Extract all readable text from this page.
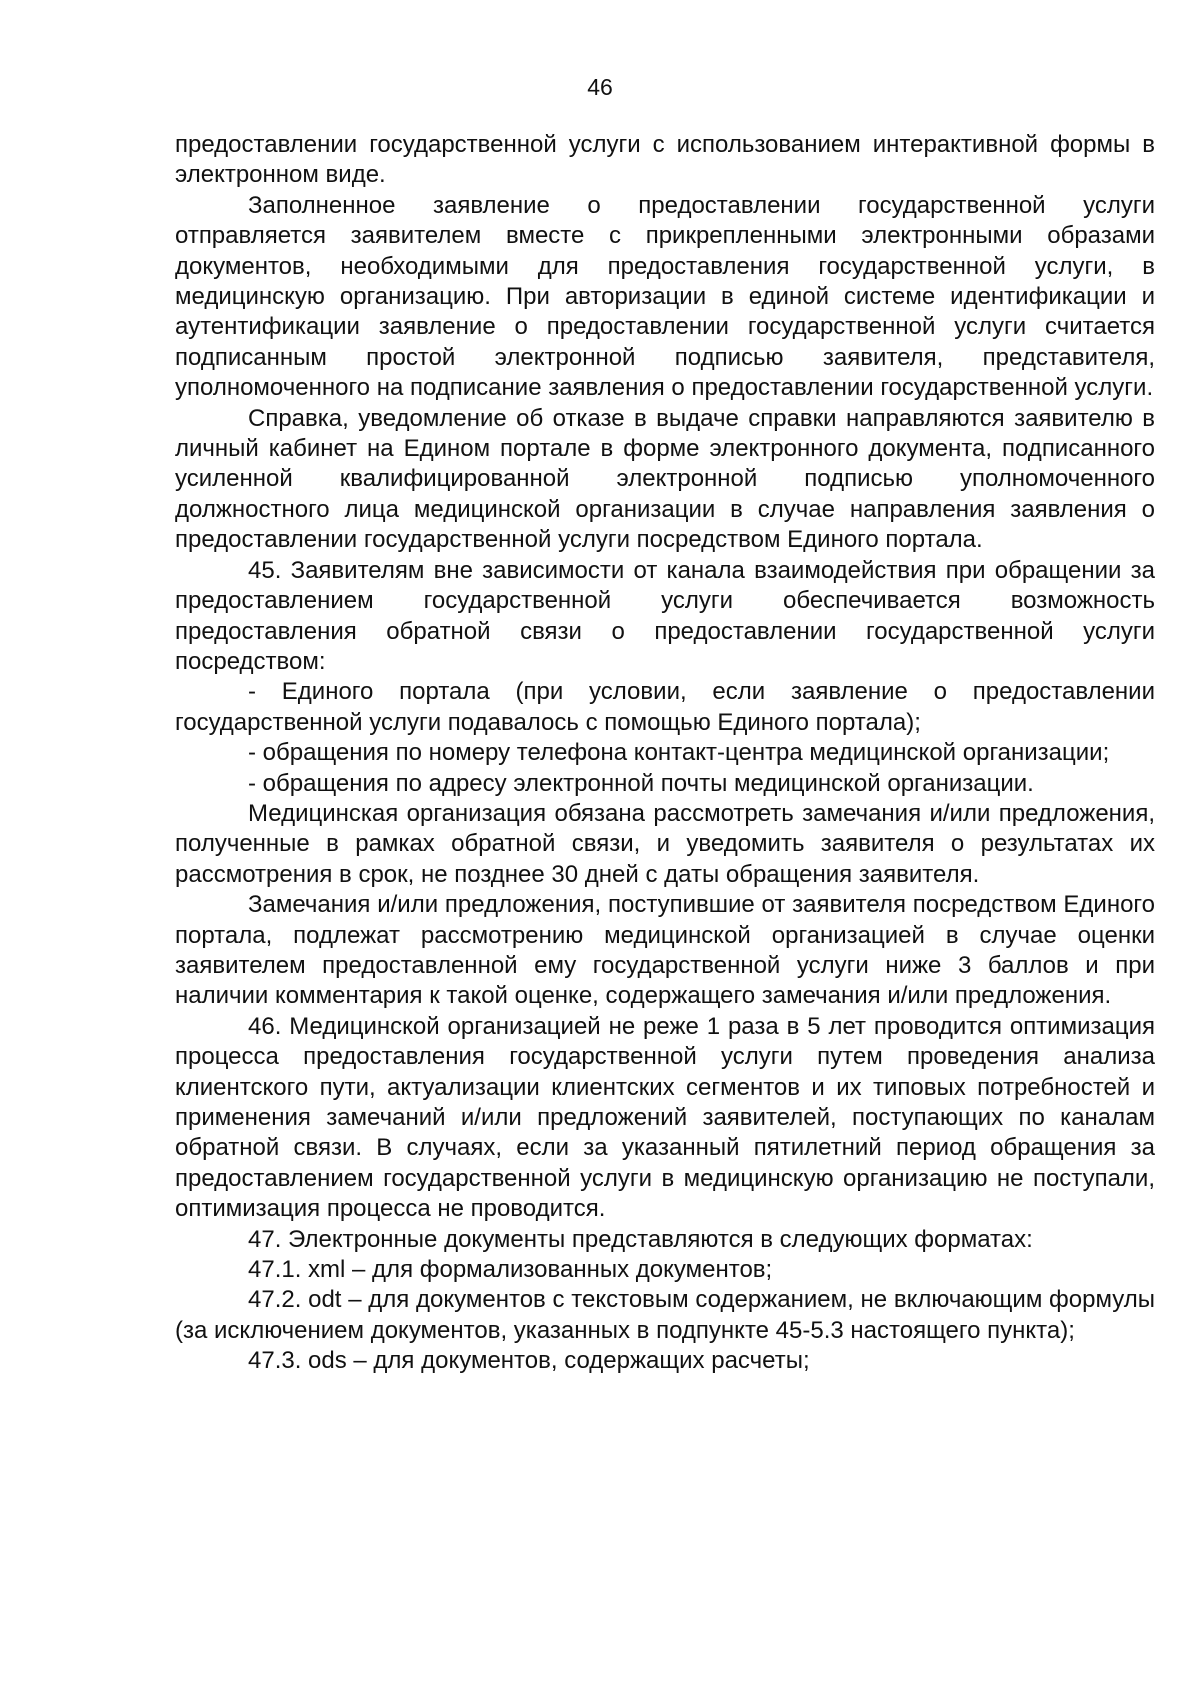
46

предоставлении государственной услуги с использованием интерактивной формы в электронном виде.

Заполненное заявление о предоставлении государственной услуги отправляется заявителем вместе с прикрепленными электронными образами документов, необходимыми для предоставления государственной услуги, в медицинскую организацию. При авторизации в единой системе идентификации и аутентификации заявление о предоставлении государственной услуги считается подписанным простой электронной подписью заявителя, представителя, уполномоченного на подписание заявления о предоставлении государственной услуги.

Справка, уведомление об отказе в выдаче справки направляются заявителю в личный кабинет на Едином портале в форме электронного документа, подписанного усиленной квалифицированной электронной подписью уполномоченного должностного лица медицинской организации в случае направления заявления о предоставлении государственной услуги посредством Единого портала.

45. Заявителям вне зависимости от канала взаимодействия при обращении за предоставлением государственной услуги обеспечивается возможность предоставления обратной связи о предоставлении государственной услуги посредством:

- Единого портала (при условии, если заявление о предоставлении государственной услуги подавалось с помощью Единого портала);

- обращения по номеру телефона контакт-центра медицинской организации;

- обращения по адресу электронной почты медицинской организации.

Медицинская организация обязана рассмотреть замечания и/или предложения, полученные в рамках обратной связи, и уведомить заявителя о результатах их рассмотрения в срок, не позднее 30 дней с даты обращения заявителя.

Замечания и/или предложения, поступившие от заявителя посредством Единого портала, подлежат рассмотрению медицинской организацией в случае оценки заявителем предоставленной ему государственной услуги ниже 3 баллов и при наличии комментария к такой оценке, содержащего замечания и/или предложения.

46. Медицинской организацией не реже 1 раза в 5 лет проводится оптимизация процесса предоставления государственной услуги путем проведения анализа клиентского пути, актуализации клиентских сегментов и их типовых потребностей и применения замечаний и/или предложений заявителей, поступающих по каналам обратной связи. В случаях, если за указанный пятилетний период обращения за предоставлением государственной услуги в медицинскую организацию не поступали, оптимизация процесса не проводится.

47. Электронные документы представляются в следующих форматах:

47.1. xml – для формализованных документов;

47.2. odt – для документов с текстовым содержанием, не включающим формулы (за исключением документов, указанных в подпункте 45-5.3 настоящего пункта);

47.3. ods – для документов, содержащих расчеты;
